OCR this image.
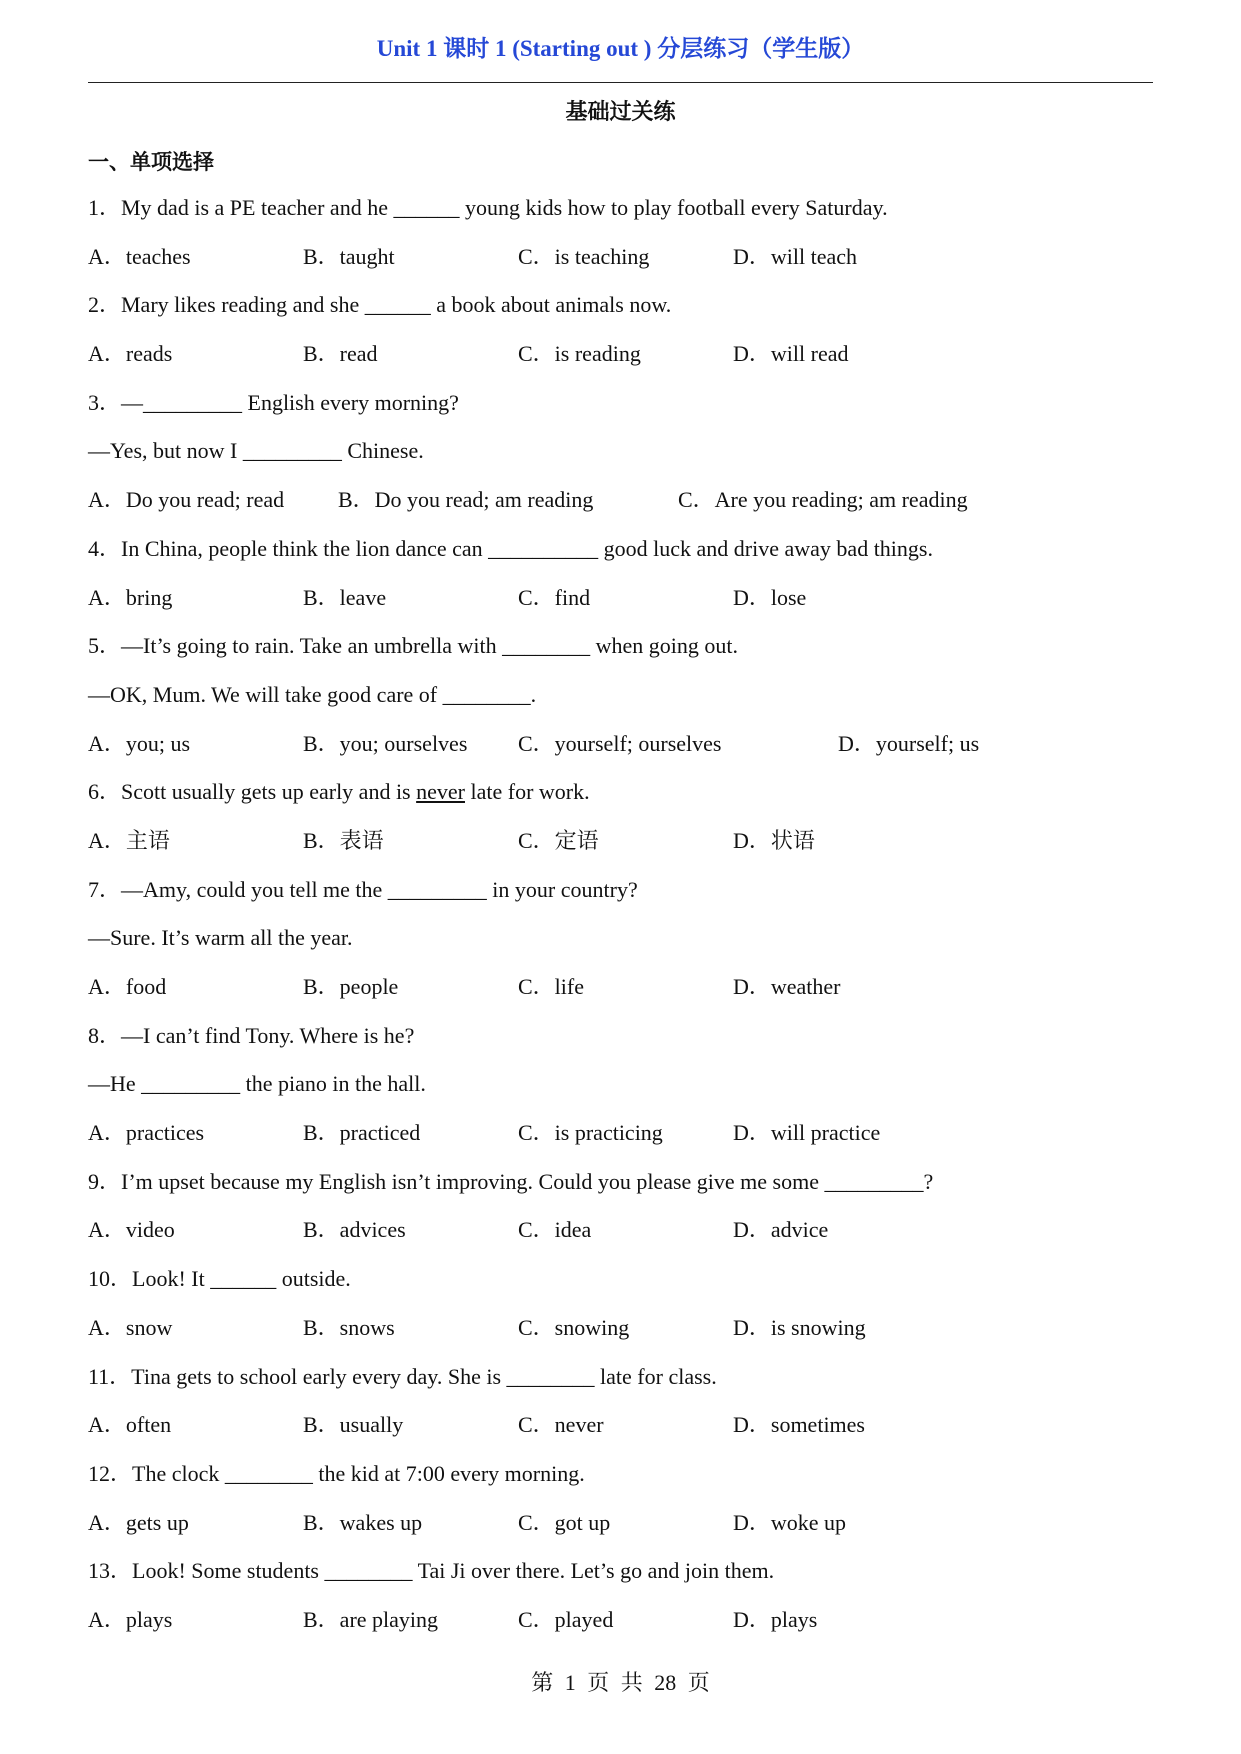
Unit 1 课时 1 (Starting out ) 分层练习（学生版）
基础过关练
一、单项选择
1．My dad is a PE teacher and he ______ young kids how to play football every Saturday.
A．teaches	B．taught	C．is teaching	D．will teach
2．Mary likes reading and she ______ a book about animals now.
A．reads	B．read	C．is reading	D．will read
3．—_________ English every morning?
—Yes, but now I _________ Chinese.
A．Do you read; read B．Do you read; am reading	C．Are you reading; am reading
4．In China, people think the lion dance can __________ good luck and drive away bad things.
A．bring	B．leave	C．find	D．lose
5．—It’s going to rain. Take an umbrella with ________ when going out.
—OK, Mum. We will take good care of ________.
A．you; us	B．you; ourselves C．yourself; ourselves	D．yourself; us
6．Scott usually gets up early and is never late for work.
A．主语	B．表语	C．定语	D．状语
7．—Amy, could you tell me the _________ in your country?
—Sure. It’s warm all the year.
A．food	B．people	C．life	D．weather
8．—I can’t find Tony. Where is he?
—He _________ the piano in the hall.
A．practices	B．practiced	C．is practicing	D．will practice
9．I’m upset because my English isn’t improving. Could you please give me some _________?
A．video	B．advices	C．idea	D．advice
10．Look! It ______ outside.
A．snow	B．snows	C．snowing	D．is snowing
11．Tina gets to school early every day. She is ________ late for class.
A．often	B．usually	C．never	D．sometimes
12．The clock ________ the kid at 7:00 every morning.
A．gets up	B．wakes up	C．got up	D．woke up
13．Look! Some students ________ Tai Ji over there. Let’s go and join them.
A．plays	B．are playing	C．played	D．plays
第 1 页 共 28 页
